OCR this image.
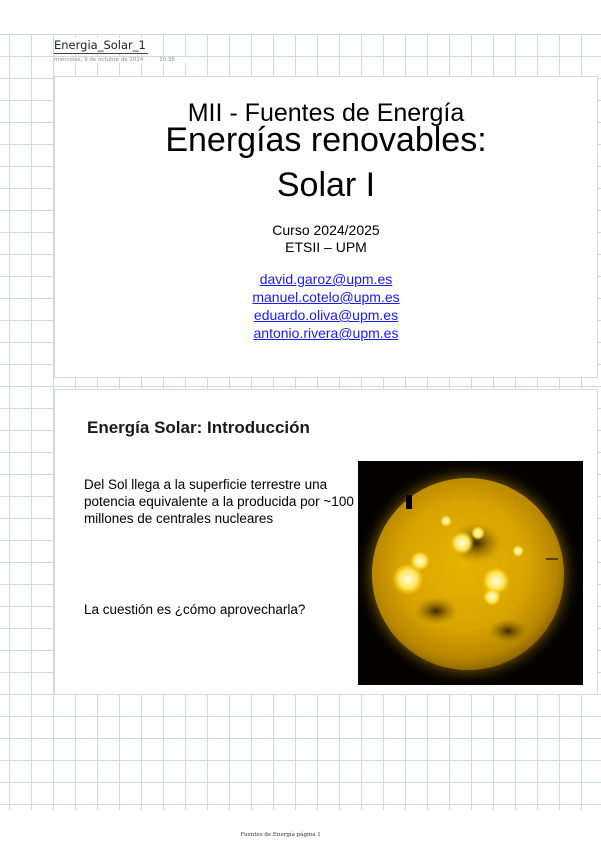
Energia_Solar_1
miércoles, 9 de octubre de 2024	10:35
MII - Fuentes de Energía
Energías renovables:
Solar I
Curso 2024/2025
ETSII – UPM
david.garoz@upm.es
manuel.cotelo@upm.es
eduardo.oliva@upm.es
antonio.rivera@upm.es
Energía Solar: Introducción
Del Sol llega a la superficie terrestre una potencia equivalente a la producida por ~100 millones de centrales nucleares
La cuestión es ¿cómo aprovecharla?
Fuentes de Energía página 1
